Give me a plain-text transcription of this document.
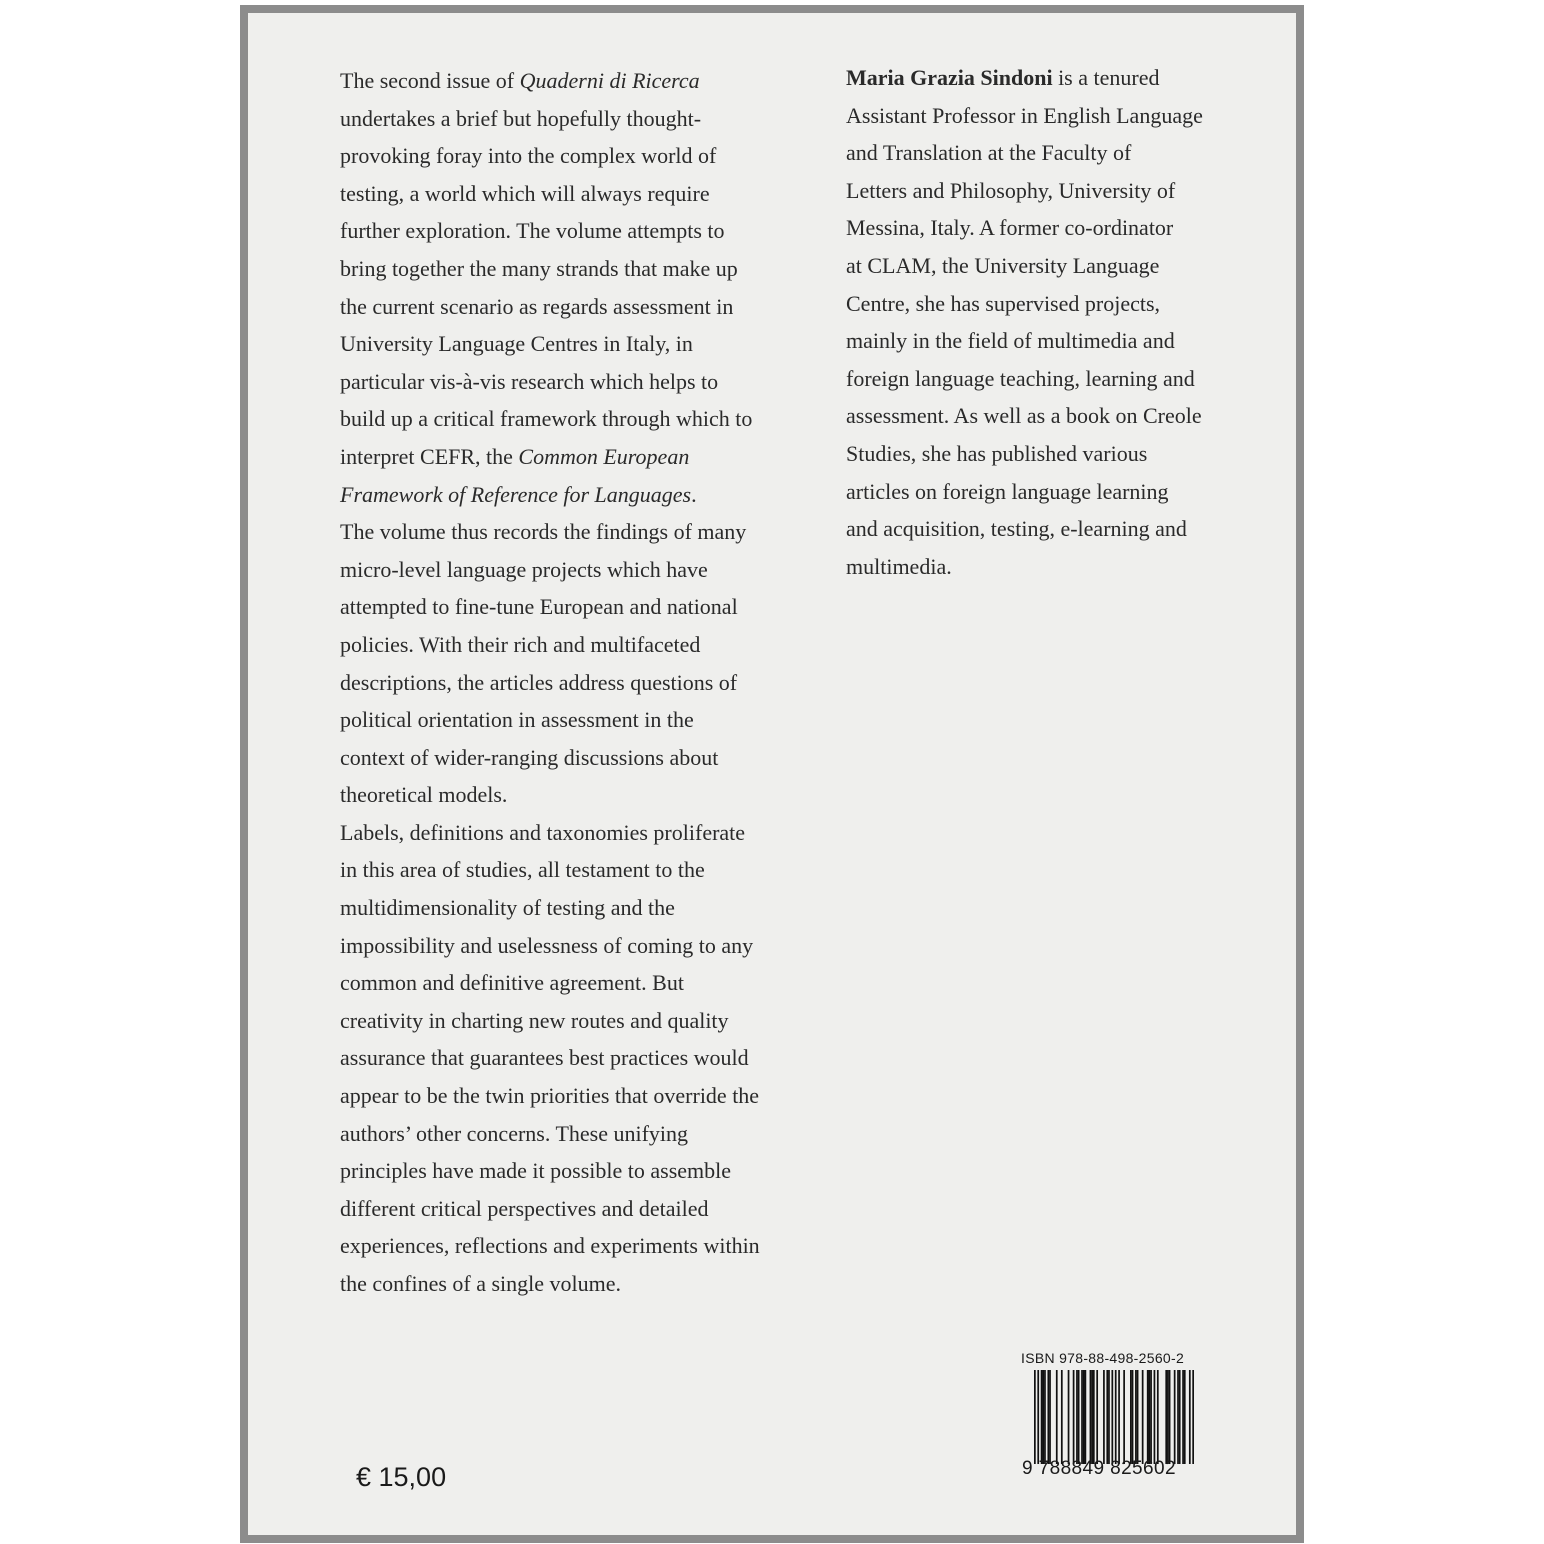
The second issue of Quaderni di Ricerca
undertakes a brief but hopefully thought-
provoking foray into the complex world of
testing, a world which will always require
further exploration. The volume attempts to
bring together the many strands that make up
the current scenario as regards assessment in
University Language Centres in Italy, in
particular vis-à-vis research which helps to
build up a critical framework through which to
interpret CEFR, the Common European
Framework of Reference for Languages.
The volume thus records the findings of many
micro-level language projects which have
attempted to fine-tune European and national
policies. With their rich and multifaceted
descriptions, the articles address questions of
political orientation in assessment in the
context of wider-ranging discussions about
theoretical models.
Labels, definitions and taxonomies proliferate
in this area of studies, all testament to the
multidimensionality of testing and the
impossibility and uselessness of coming to any
common and definitive agreement. But
creativity in charting new routes and quality
assurance that guarantees best practices would
appear to be the twin priorities that override the
authors’ other concerns. These unifying
principles have made it possible to assemble
different critical perspectives and detailed
experiences, reflections and experiments within
the confines of a single volume.
Maria Grazia Sindoni is a tenured
Assistant Professor in English Language
and Translation at the Faculty of
Letters and Philosophy, University of
Messina, Italy. A former co-ordinator
at CLAM, the University Language
Centre, she has supervised projects,
mainly in the field of multimedia and
foreign language teaching, learning and
assessment. As well as a book on Creole
Studies, she has published various
articles on foreign language learning
and acquisition, testing, e-learning and
multimedia.
€ 15,00
ISBN 978-88-498-2560-2
9 788849 825602
